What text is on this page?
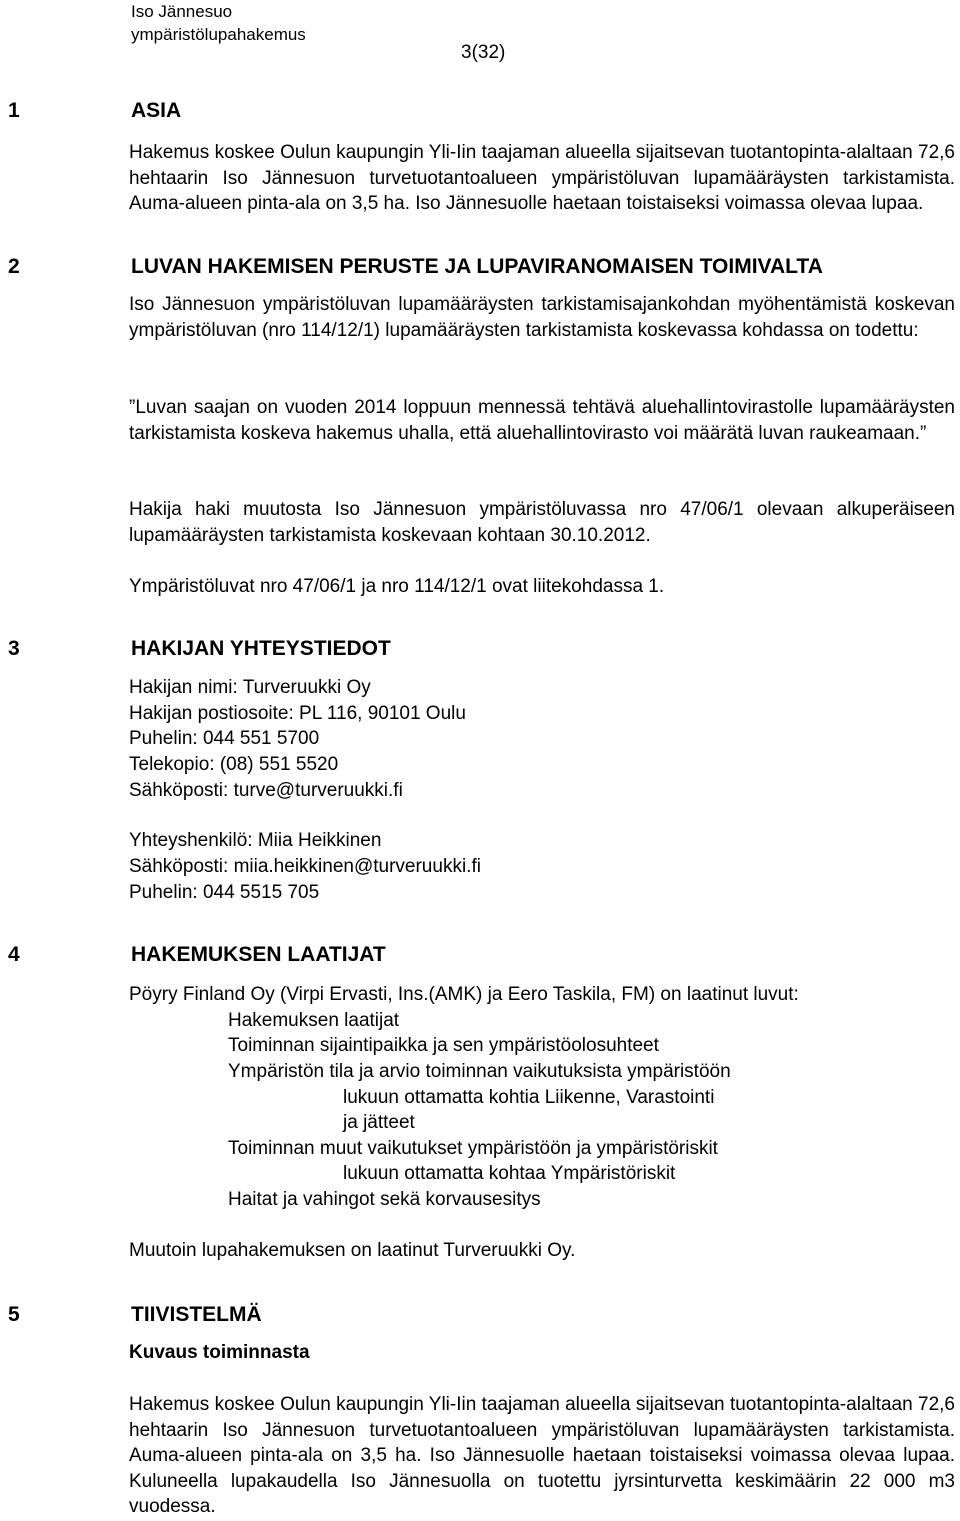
Iso Jännesuo
ympäristölupahakemus
3(32)
1	ASIA

Hakemus koskee Oulun kaupungin Yli-Iin taajaman alueella sijaitsevan tuotantopinta-alaltaan 72,6 hehtaarin Iso Jännesuon turvetuotantoalueen ympäristöluvan lupamääräysten tarkistamista. Auma-alueen pinta-ala on 3,5 ha. Iso Jännesuolle haetaan toistaiseksi voimassa olevaa lupaa.

2	LUVAN HAKEMISEN PERUSTE JA LUPAVIRANOMAISEN TOIMIVALTA

Iso Jännesuon ympäristöluvan lupamääräysten tarkistamisajankohdan myöhentämistä koskevan ympäristöluvan (nro 114/12/1) lupamääräysten tarkistamista koskevassa kohdassa on todettu:

”Luvan saajan on vuoden 2014 loppuun mennessä tehtävä aluehallintovirastolle lupamääräysten tarkistamista koskeva hakemus uhalla, että aluehallintovirasto voi määrätä luvan raukeamaan.”

Hakija haki muutosta Iso Jännesuon ympäristöluvassa nro 47/06/1 olevaan alkuperäiseen lupamääräysten tarkistamista koskevaan kohtaan 30.10.2012.

Ympäristöluvat nro 47/06/1 ja nro 114/12/1 ovat liitekohdassa 1.

3	HAKIJAN YHTEYSTIEDOT
Hakijan nimi: Turveruukki Oy
Hakijan postiosoite: PL 116, 90101 Oulu
Puhelin: 044 551 5700
Telekopio: (08) 551 5520
Sähköposti: turve@turveruukki.fi
Yhteyshenkilö: Miia Heikkinen
Sähköposti: miia.heikkinen@turveruukki.fi
Puhelin: 044 5515 705
4	HAKEMUKSEN LAATIJAT
Pöyry Finland Oy (Virpi Ervasti, Ins.(AMK) ja Eero Taskila, FM) on laatinut luvut:
Hakemuksen laatijat
Toiminnan sijaintipaikka ja sen ympäristöolosuhteet
Ympäristön tila ja arvio toiminnan vaikutuksista ympäristöön
lukuun ottamatta kohtia Liikenne, Varastointi
ja jätteet
Toiminnan muut vaikutukset ympäristöön ja ympäristöriskit
lukuun ottamatta kohtaa Ympäristöriskit
Haitat ja vahingot sekä korvausesitys
Muutoin lupahakemuksen on laatinut Turveruukki Oy.
5	TIIVISTELMÄ
Kuvaus toiminnasta

Hakemus koskee Oulun kaupungin Yli-Iin taajaman alueella sijaitsevan tuotantopinta-alaltaan 72,6 hehtaarin Iso Jännesuon turvetuotantoalueen ympäristöluvan lupamääräysten tarkistamista. Auma-alueen pinta-ala on 3,5 ha. Iso Jännesuolle haetaan toistaiseksi voimassa olevaa lupaa. Kuluneella lupakaudella Iso Jännesuolla on tuotettu jyrsinturvetta keskimäärin 22 000 m3 vuodessa.
